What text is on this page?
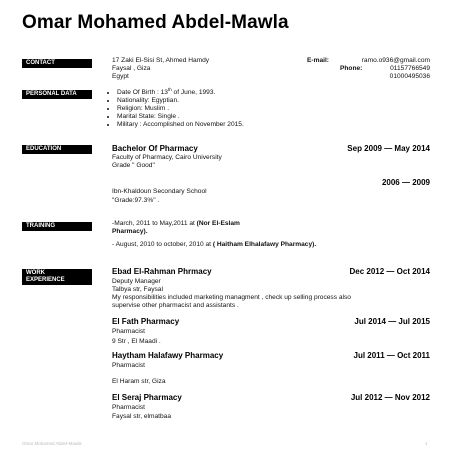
Omar Mohamed Abdel-Mawla
CONTACT	17 Zaki El-Sisi St, Ahmed Hamdy
Faysal , Giza
Egypt
E-mail:	ramo.o936@gmail.com
Phone:	01157766549
01000495036
PERSONAL DATA
•	Date Of Birth : 13th of June, 1993.
• Nationality: Egyptian.
• Religion: Muslim .
• Marital State: Single .
• Military : Accomplished on November 2015.
EDUCATION	Bachelor Of Pharmacy	Sep 2009 — May 2014
Faculty of Pharmacy, Cairo University
Grade " Good"
2006 — 2009
Ibn-Khaldoun Secondary School
"Grade:97.3%" .
TRAINING	-March, 2011 to May,2011 at (Nor El-Eslam
Pharmacy).
- August, 2010 to october, 2010 at ( Haitham Elhalafawy Pharmacy).
WORK
EXPERIENCE
Ebad El-Rahman Phrmacy	Dec 2012 — Oct 2014
Deputy Manager
Talbya str, Faysal
My responsibilities included marketing managment , check up selling process also
supervise other pharmacist and assistants .
El Fath Pharmacy	Jul 2014 — Jul 2015
Pharmacist
9 Str , El Maadi .
Haytham Halafawy Pharmacy	Jul 2011 — Oct 2011
Pharmacist
El Haram str, Giza
El Seraj Pharmacy	Jul 2012 — Nov 2012
Pharmacist
Faysal str, elmatbaa
Omar Mohamed Abdel-Mawla	1
